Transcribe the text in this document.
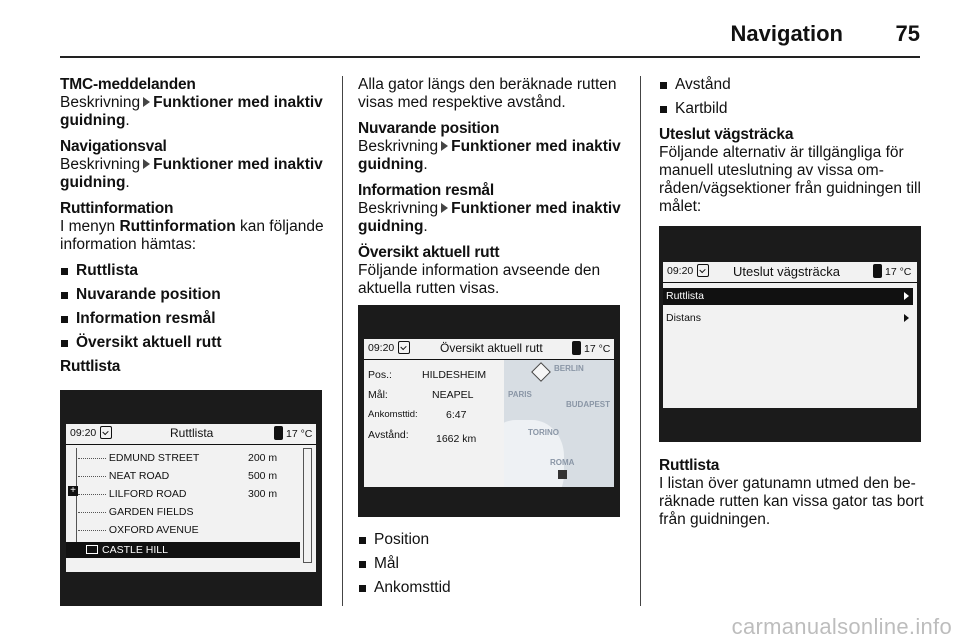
Navigation 75
TMC-meddelanden
Beskrivning Funktioner med inaktiv guidning.
Navigationsval
Beskrivning Funktioner med inaktiv guidning.
Ruttinformation
I menyn Ruttinformation kan följande information hämtas:
Ruttlista
Nuvarande position
Information resmål
Översikt aktuell rutt
Ruttlista
09:20	Ruttlista	17 °C
+
EDMUND STREET	200 m
NEAT ROAD	500 m
LILFORD ROAD	300 m
GARDEN FIELDS
OXFORD AVENUE
CASTLE HILL
Alla gator längs den beräknade rutten visas med respektive avstånd.
Nuvarande position
Beskrivning Funktioner med inaktiv guidning.
Information resmål
Beskrivning Funktioner med inaktiv guidning.
Översikt aktuell rutt
Följande information avseende den aktuella rutten visas.
09:20	Översikt aktuell rutt	17 °C
Pos.:	HILDESHEIM
Mål:	NEAPEL
Ankomsttid:	6:47
Avstånd:	1662 km
BERLIN
PARIS
BUDAPEST
TORINO
ROMA
Position
Mål
Ankomsttid
Avstånd
Kartbild
Uteslut vägsträcka
Följande alternativ är tillgängliga för manuell uteslutning av vissa områden/vägsektioner från guidningen till målet:
09:20	Uteslut vägsträcka	17 °C
Ruttlista
Distans
Ruttlista
I listan över gatunamn utmed den beräknade rutten kan vissa gator tas bort från guidningen.
carmanualsonline.info
